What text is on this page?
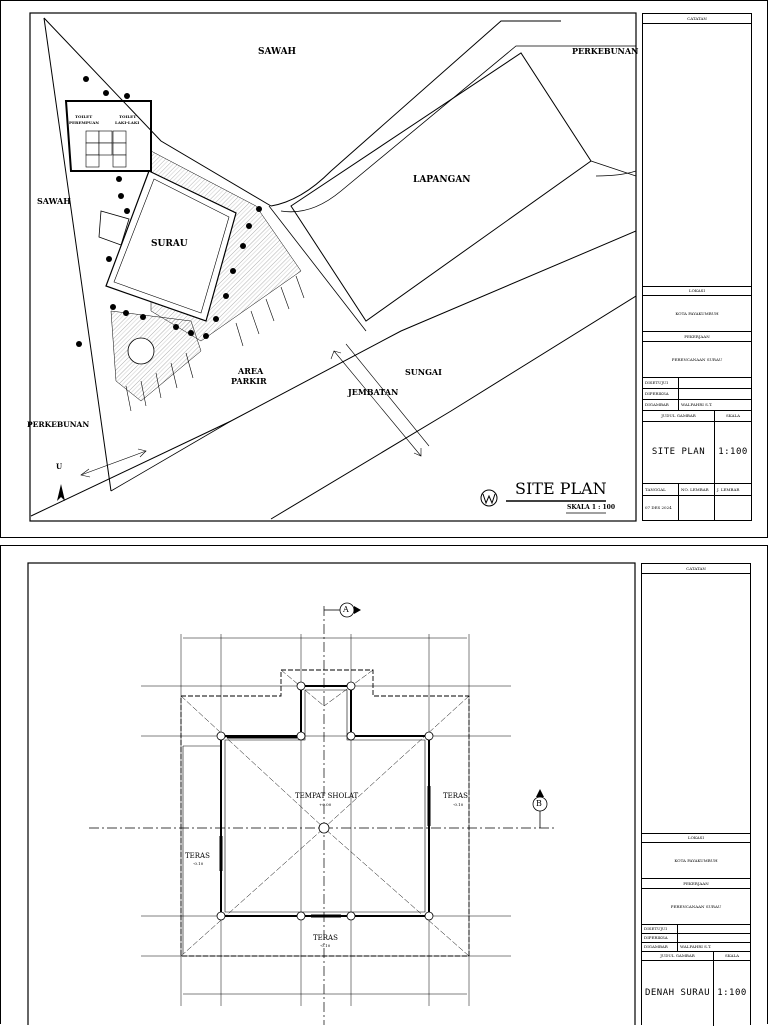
SAWAH	PERKEBUNAN
SAWAH
LAPANGAN
SURAU
AREA
PARKIR
SUNGAI
JEMBATAN
PERKEBUNAN
TOILET
PEREMPUAN
TOILET
LAKI-LAKI
U
SITE PLAN
SKALA 1 : 100
CATATAN
LOKASI
KOTA PAYAKUMBUH
PEKERJAAN
PERENCANAAN SURAU
DISETUJUI
DIPERIKSA
DIGAMBAR	WALFAHRI S.T.
JUDUL GAMBAR	SKALA
SITE PLAN	1:100
TANGGAL	NO. LEMBAR	J. LEMBAR
07 DES 2024
A
B
TEMPAT SHOLAT
+0.00
TERAS
-0.10
TERAS
-0.10
TERAS
-0.10
CATATAN
LOKASI
KOTA PAYAKUMBUH
PEKERJAAN
PERENCANAAN SURAU
DISETUJUI
DIPERIKSA
DIGAMBAR	WALFAHRI S.T.
JUDUL GAMBAR	SKALA
DENAH SURAU 1:100
